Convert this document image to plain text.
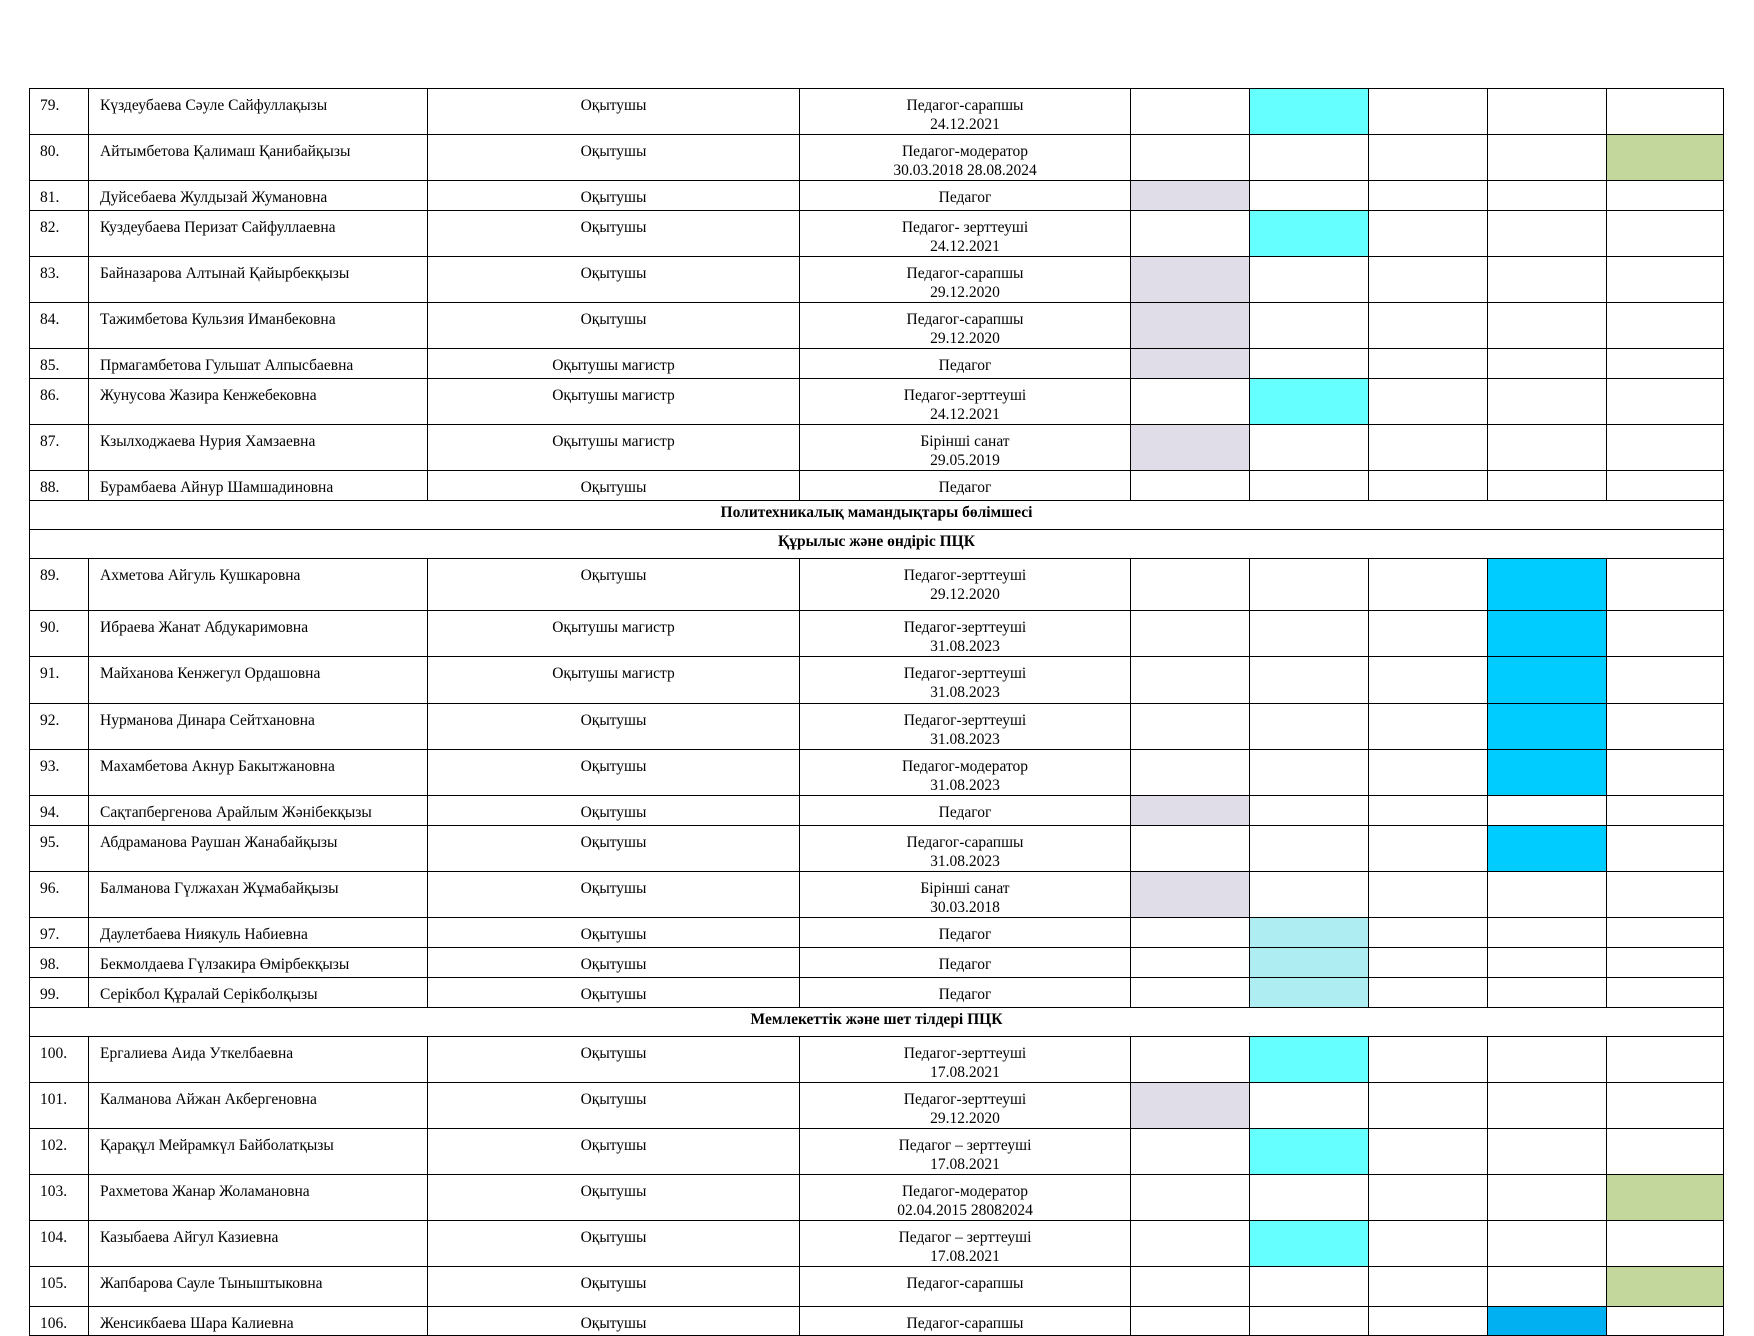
79.	Күздеубаева Сәуле Сайфуллақызы	Оқытушы	Педагог-сарапшы
24.12.2021					

80.	Айтымбетова Қалимаш Қанибайқызы	Оқытушы	Педагог-модератор
30.03.2018 28.08.2024					

81.	Дуйсебаева Жулдызай Жумановна	Оқытушы	Педагог					

82.	Куздеубаева Перизат Сайфуллаевна	Оқытушы	Педагог- зерттеуші
24.12.2021					

83.	Байназарова Алтынай Қайырбекқызы	Оқытушы	Педагог-сарапшы
29.12.2020					

84.	Тажимбетова Кульзия Иманбековна	Оқытушы	Педагог-сарапшы
29.12.2020					

85.	Прмагамбетова Гульшат Алпысбаевна	Оқытушы магистр	Педагог					

86.	Жунусова Жазира Кенжебековна	Оқытушы магистр	Педагог-зерттеуші
24.12.2021					

87.	Кзылходжаева Нурия Хамзаевна	Оқытушы магистр	Бірінші санат
29.05.2019					

88.	Бурамбаева Айнур Шамшадиновна	Оқытушы	Педагог					

Политехникалық мамандықтары бөлімшесі								
Құрылыс және өндіріс ПЦК								
89.	Ахметова Айгуль Кушкаровна	Оқытушы	Педагог-зерттеуші
29.12.2020					

90.	Ибраева Жанат Абдукаримовна	Оқытушы магистр	Педагог-зерттеуші
31.08.2023					

91.	Майханова Кенжегул Ордашовна	Оқытушы магистр	Педагог-зерттеуші
31.08.2023					

92.	Нурманова Динара Сейтхановна	Оқытушы	Педагог-зерттеуші
31.08.2023					

93.	Махамбетова Акнур Бакытжановна	Оқытушы	Педагог-модератор
31.08.2023					

94.	Сақтапбергенова Арайлым Жәнібекқызы	Оқытушы	Педагог					

95.	Абдраманова Раушан Жанабайқызы	Оқытушы	Педагог-сарапшы
31.08.2023					

96.	Балманова Гүлжахан Жұмабайқызы	Оқытушы	Бірінші санат
30.03.2018					

97.	Даулетбаева Ниякуль Набиевна	Оқытушы	Педагог					

98.	Бекмолдаева Гүлзакира Өмірбекқызы	Оқытушы	Педагог					

99.	Серікбол Құралай Серікболқызы	Оқытушы	Педагог					

Мемлекеттік және шет тілдері ПЦК								
100.	Ергалиева Аида Уткелбаевна	Оқытушы	Педагог-зерттеуші
17.08.2021					

101.	Калманова Айжан Акбергеновна	Оқытушы	Педагог-зерттеуші
29.12.2020					

102.	Қарақұл Мейрамкүл Байболатқызы	Оқытушы	Педагог – зерттеуші
17.08.2021					

103.	Рахметова Жанар Жоламановна	Оқытушы	Педагог-модератор
02.04.2015 28082024					

104.	Казыбаева Айгул Казиевна	Оқытушы	Педагог – зерттеуші
17.08.2021					

105.	Жапбарова Сауле Тыныштыковна	Оқытушы	Педагог-сарапшы					

106.	Женсикбаева Шара Калиевна	Оқытушы	Педагог-сарапшы					
